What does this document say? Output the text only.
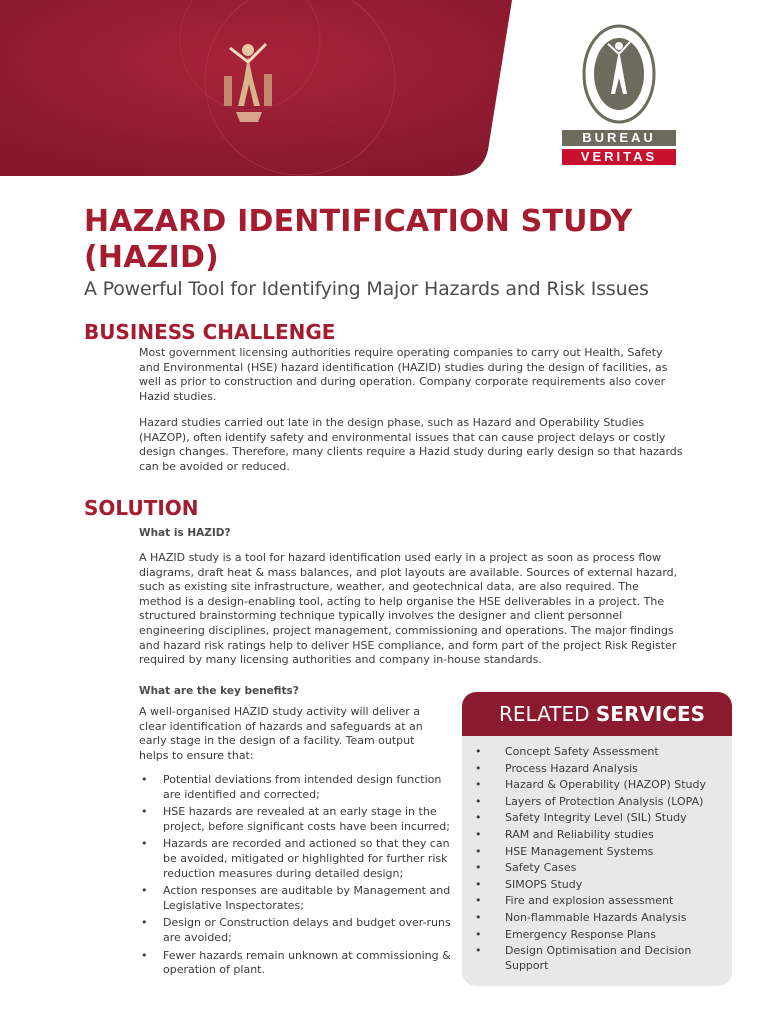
BUREAU
VERITAS
HAZARD IDENTIFICATION STUDY (HAZID)
A Powerful Tool for Identifying Major Hazards and Risk Issues
BUSINESS CHALLENGE

Most government licensing authorities require operating companies to carry out Health, Safety and Environmental (HSE) hazard identification (HAZID) studies during the design of facilities, as well as prior to construction and during operation. Company corporate requirements also cover Hazid studies.

Hazard studies carried out late in the design phase, such as Hazard and Operability Studies (HAZOP), often identify safety and environmental issues that can cause project delays or costly design changes. Therefore, many clients require a Hazid study during early design so that hazards can be avoided or reduced.

SOLUTION
What is HAZID?

A HAZID study is a tool for hazard identification used early in a project as soon as process flow diagrams, draft heat & mass balances, and plot layouts are available. Sources of external hazard, such as existing site infrastructure, weather, and geotechnical data, are also required. The method is a design-enabling tool, acting to help organise the HSE deliverables in a project. The structured brainstorming technique typically involves the designer and client personnel engineering disciplines, project management, commissioning and operations. The major findings and hazard risk ratings help to deliver HSE compliance, and form part of the project Risk Register required by many licensing authorities and company in-house standards.

What are the key benefits?

A well-organised HAZID study activity will deliver a clear identification of hazards and safeguards at an early stage in the design of a facility. Team output helps to ensure that:

• Potential deviations from intended design function are identified and corrected;
• HSE hazards are revealed at an early stage in the project, before significant costs have been incurred;
• Hazards are recorded and actioned so that they can be avoided, mitigated or highlighted for further risk reduction measures during detailed design;
• Action responses are auditable by Management and Legislative Inspectorates;
• Design or Construction delays and budget over-runs are avoided;
• Fewer hazards remain unknown at commissioning & operation of plant.
RELATED SERVICES
• Concept Safety Assessment
• Process Hazard Analysis
• Hazard & Operability (HAZOP) Study
• Layers of Protection Analysis (LOPA)
• Safety Integrity Level (SIL) Study
• RAM and Reliability studies
• HSE Management Systems
• Safety Cases
• SIMOPS Study
• Fire and explosion assessment
• Non-flammable Hazards Analysis
• Emergency Response Plans
• Design Optimisation and Decision Support
